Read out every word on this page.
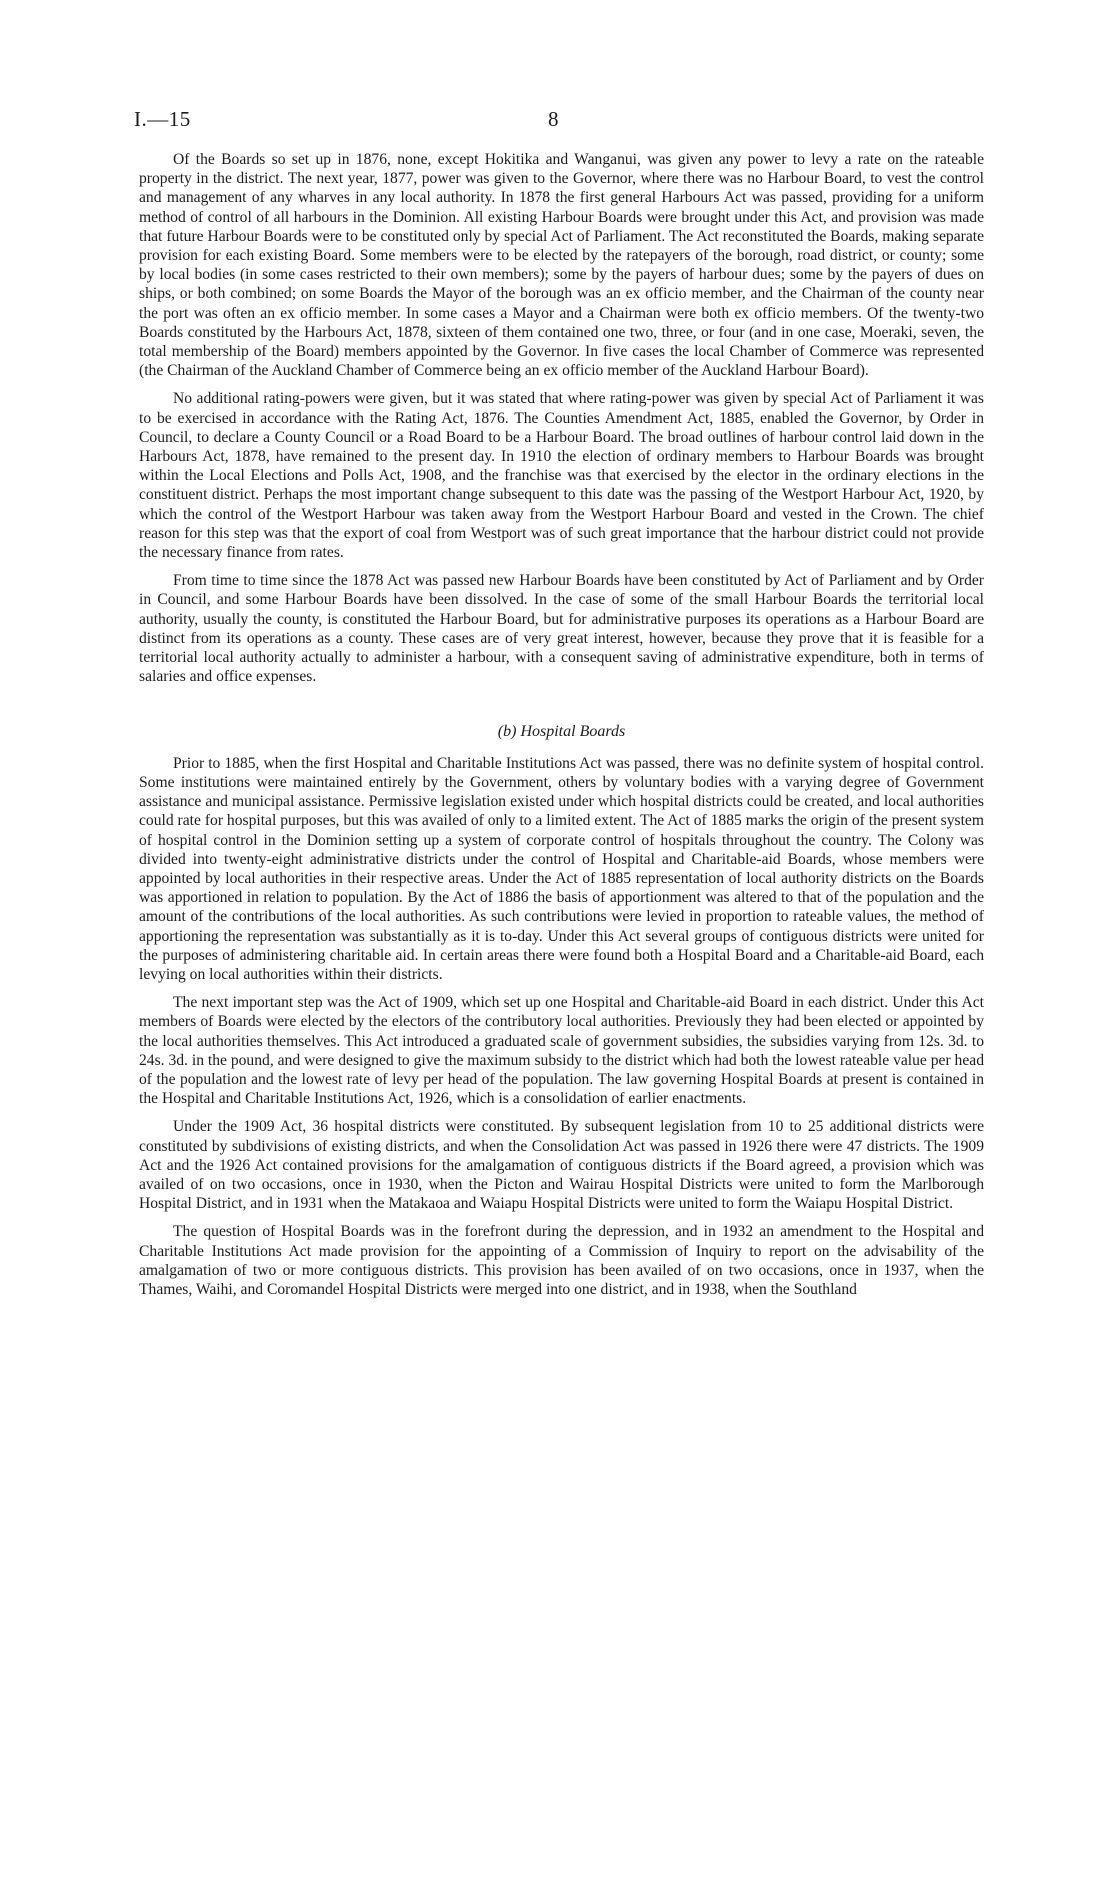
I.—15	8

Of the Boards so set up in 1876, none, except Hokitika and Wanganui, was given any power to levy a rate on the rateable property in the district. The next year, 1877, power was given to the Governor, where there was no Harbour Board, to vest the control and management of any wharves in any local authority. In 1878 the first general Harbours Act was passed, providing for a uniform method of control of all harbours in the Dominion. All existing Harbour Boards were brought under this Act, and provision was made that future Harbour Boards were to be constituted only by special Act of Parliament. The Act reconstituted the Boards, making separate provision for each existing Board. Some members were to be elected by the ratepayers of the borough, road district, or county; some by local bodies (in some cases restricted to their own members); some by the payers of harbour dues; some by the payers of dues on ships, or both combined; on some Boards the Mayor of the borough was an ex officio member, and the Chairman of the county near the port was often an ex officio member. In some cases a Mayor and a Chairman were both ex officio members. Of the twenty-two Boards constituted by the Harbours Act, 1878, sixteen of them contained one two, three, or four (and in one case, Moeraki, seven, the total membership of the Board) members appointed by the Governor. In five cases the local Chamber of Commerce was represented (the Chairman of the Auckland Chamber of Commerce being an ex officio member of the Auckland Harbour Board).

No additional rating-powers were given, but it was stated that where rating-power was given by special Act of Parliament it was to be exercised in accordance with the Rating Act, 1876. The Counties Amendment Act, 1885, enabled the Governor, by Order in Council, to declare a County Council or a Road Board to be a Harbour Board. The broad outlines of harbour control laid down in the Harbours Act, 1878, have remained to the present day. In 1910 the election of ordinary members to Harbour Boards was brought within the Local Elections and Polls Act, 1908, and the franchise was that exercised by the elector in the ordinary elections in the constituent district. Perhaps the most important change subsequent to this date was the passing of the Westport Harbour Act, 1920, by which the control of the Westport Harbour was taken away from the Westport Harbour Board and vested in the Crown. The chief reason for this step was that the export of coal from Westport was of such great importance that the harbour district could not provide the necessary finance from rates.

From time to time since the 1878 Act was passed new Harbour Boards have been constituted by Act of Parliament and by Order in Council, and some Harbour Boards have been dissolved. In the case of some of the small Harbour Boards the territorial local authority, usually the county, is constituted the Harbour Board, but for administrative purposes its operations as a Harbour Board are distinct from its operations as a county. These cases are of very great interest, however, because they prove that it is feasible for a territorial local authority actually to administer a harbour, with a consequent saving of administrative expenditure, both in terms of salaries and office expenses.

(b) Hospital Boards

Prior to 1885, when the first Hospital and Charitable Institutions Act was passed, there was no definite system of hospital control. Some institutions were maintained entirely by the Government, others by voluntary bodies with a varying degree of Government assistance and municipal assistance. Permissive legislation existed under which hospital districts could be created, and local authorities could rate for hospital purposes, but this was availed of only to a limited extent. The Act of 1885 marks the origin of the present system of hospital control in the Dominion setting up a system of corporate control of hospitals throughout the country. The Colony was divided into twenty-eight administrative districts under the control of Hospital and Charitable-aid Boards, whose members were appointed by local authorities in their respective areas. Under the Act of 1885 representation of local authority districts on the Boards was apportioned in relation to population. By the Act of 1886 the basis of apportionment was altered to that of the population and the amount of the contributions of the local authorities. As such contributions were levied in proportion to rateable values, the method of apportioning the representation was substantially as it is to-day. Under this Act several groups of contiguous districts were united for the purposes of administering charitable aid. In certain areas there were found both a Hospital Board and a Charitable-aid Board, each levying on local authorities within their districts.

The next important step was the Act of 1909, which set up one Hospital and Charitable-aid Board in each district. Under this Act members of Boards were elected by the electors of the contributory local authorities. Previously they had been elected or appointed by the local authorities themselves. This Act introduced a graduated scale of government subsidies, the subsidies varying from 12s. 3d. to 24s. 3d. in the pound, and were designed to give the maximum subsidy to the district which had both the lowest rateable value per head of the population and the lowest rate of levy per head of the population. The law governing Hospital Boards at present is contained in the Hospital and Charitable Institutions Act, 1926, which is a consolidation of earlier enactments.

Under the 1909 Act, 36 hospital districts were constituted. By subsequent legislation from 10 to 25 additional districts were constituted by subdivisions of existing districts, and when the Consolidation Act was passed in 1926 there were 47 districts. The 1909 Act and the 1926 Act contained provisions for the amalgamation of contiguous districts if the Board agreed, a provision which was availed of on two occasions, once in 1930, when the Picton and Wairau Hospital Districts were united to form the Marlborough Hospital District, and in 1931 when the Matakaoa and Waiapu Hospital Districts were united to form the Waiapu Hospital District.

The question of Hospital Boards was in the forefront during the depression, and in 1932 an amendment to the Hospital and Charitable Institutions Act made provision for the appointing of a Commission of Inquiry to report on the advisability of the amalgamation of two or more contiguous districts. This provision has been availed of on two occasions, once in 1937, when the Thames, Waihi, and Coromandel Hospital Districts were merged into one district, and in 1938, when the Southland
